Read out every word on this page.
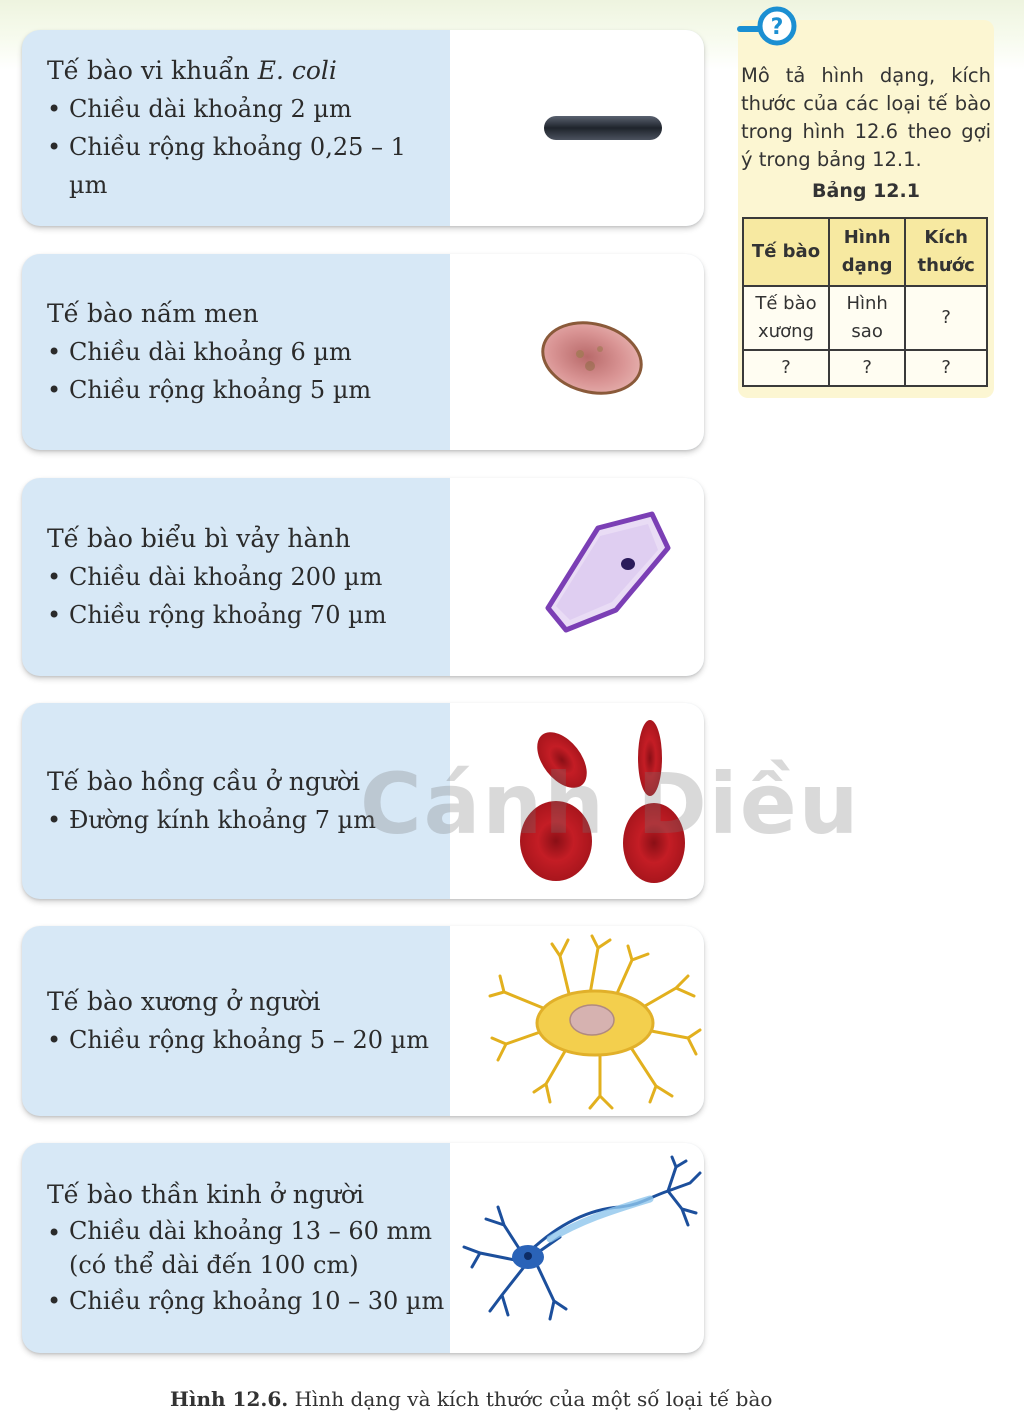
Tế bào vi khuẩn E. coli
• Chiều dài khoảng 2 µm
• Chiều rộng khoảng 0,25 – 1 µm
Tế bào nấm men
• Chiều dài khoảng 6 µm
• Chiều rộng khoảng 5 µm
Tế bào biểu bì vảy hành
• Chiều dài khoảng 200 µm
• Chiều rộng khoảng 70 µm
Tế bào hồng cầu ở người
• Đường kính khoảng 7 µm
Tế bào xương ở người
• Chiều rộng khoảng 5 – 20 µm
Tế bào thần kinh ở người
• Chiều dài khoảng 13 – 60 mm
(có thể dài đến 100 cm)
• Chiều rộng khoảng 10 – 30 µm
?
Mô tả hình dạng, kích thước của các loại tế bào trong hình 12.6 theo gợi ý trong bảng 12.1.
Bảng 12.1
Tế bào	Hình dạng	Kích thước
Tế bào xương	Hình sao	?
?	?	?
Cánh Diều
Hình 12.6. Hình dạng và kích thước của một số loại tế bào
